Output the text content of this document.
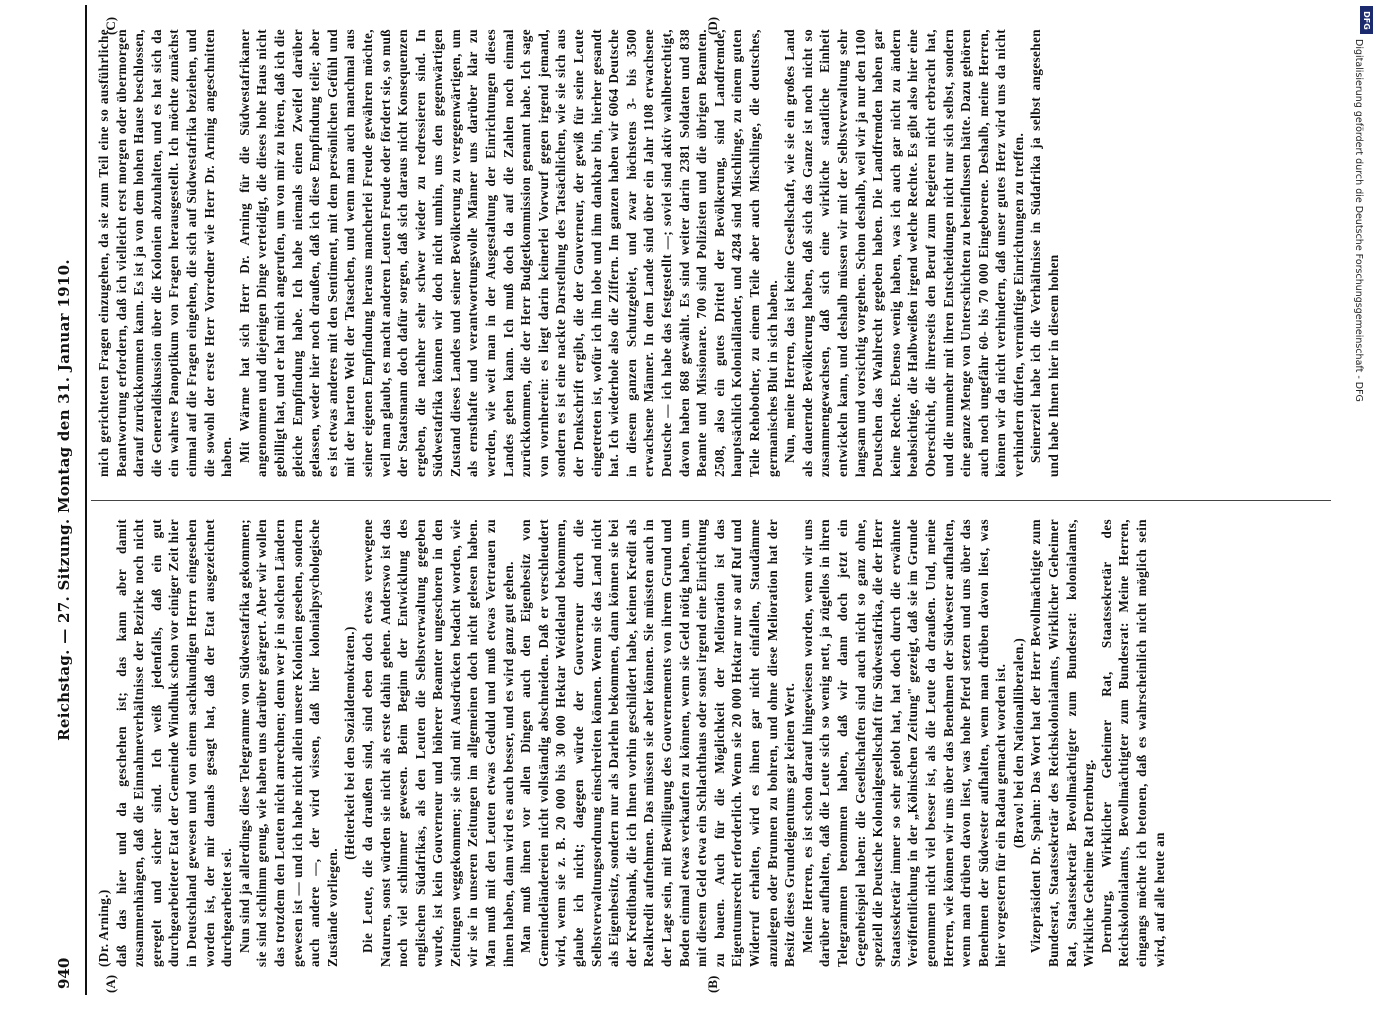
940
Reichstag. — 27. Sitzung. Montag den 31. Januar 1910.
(A)	(B)
(C)	(D)

(Dr. Arning.) daß das hier und da geschehen ist; das kann aber damit zusammenhängen, daß die Einnahmeverhältnisse der Bezirke noch nicht geregelt und sicher sind. Ich weiß jedenfalls, daß ein gut durchgearbeiteter Etat der Gemeinde Windhuk schon vor einiger Zeit hier in Deutschland gewesen und von einem sachkundigen Herrn eingesehen worden ist, der mir damals gesagt hat, daß der Etat ausgezeichnet durchgearbeitet sei. Nun sind ja allerdings diese Telegramme von Südwestafrika gekommen; sie sind schlimm genug, wie haben uns darüber geärgert. Aber wir wollen das trotzdem den Leuten nicht anrechnen; denn wer je in solchen Ländern gewesen ist — und ich habe nicht allein unsere Kolonien gesehen, sondern auch andere —, der wird wissen, daß hier kolonialpsychologische Zustände vorliegen.

(Heiterkeit bei den Sozialdemokraten.) Die Leute, die da draußen sind, sind eben doch etwas verwegene Naturen, sonst würden sie nicht als erste dahin gehen. Anderswo ist das noch viel schlimmer gewesen. Beim Beginn der Entwicklung des englischen Südafrikas, als den Leuten die Selbstverwaltung gegeben wurde, ist kein Gouverneur und höherer Beamter ungeschoren in den Zeitungen weggekommen; sie sind mit Ausdrücken bedacht worden, wie wir sie in unseren Zeitungen im allgemeinen doch nicht gelesen haben. Man muß mit den Leuten etwas Geduld und muß etwas Vertrauen zu ihnen haben, dann wird es auch besser, und es wird ganz gut gehen. Man muß ihnen vor allen Dingen auch den Eigenbesitz von Gemeindeländereien nicht vollständig abschneiden. Daß er verschleudert wird, wenn sie z. B. 20 000 bis 30 000 Hektar Weideland bekommen, glaube ich nicht; dagegen würde der Gouverneur durch die Selbstverwaltungsordnung einschreiten können. Wenn sie das Land nicht als Eigenbesitz, sondern nur als Darlehn bekommen, dann können sie bei der Kreditbank, die ich Ihnen vorhin geschildert habe, keinen Kredit als Realkredit aufnehmen. Das müssen sie aber können. Sie müssten auch in der Lage sein, mit Bewilligung des Gouvernements von ihrem Grund und Boden einmal etwas verkaufen zu können, wenn sie Geld nötig haben, um mit diesem Geld etwa ein Schlachthaus oder sonst irgend eine Einrichtung zu bauen. Auch für die Möglichkeit der Melioration ist das Eigentumsrecht erforderlich. Wenn sie 20 000 Hektar nur so auf Ruf und Widerruf erhalten, wird es ihnen gar nicht einfallen, Staudämme anzulegen oder Brunnen zu bohren, und ohne diese Melioration hat der Besitz dieses Grundeigentums gar keinen Wert. Meine Herren, es ist schon darauf hingewiesen worden, wenn wir uns darüber aufhalten, daß die Leute sich so wenig nett, ja zügellos in ihren Telegrammen benommen haben, daß wir dann doch jetzt ein Gegenbeispiel haben: die Gesellschaften sind auch nicht so ganz ohne, speziell die Deutsche Kolonialgesellschaft für Südwestafrika, die der Herr Staatssekretär immer so sehr gelobt hat, hat doch durch die erwähnte Veröffentlichung in der „Kölnischen Zeitung" gezeigt, daß sie im Grunde genommen nicht viel besser ist, als die Leute da draußen. Und, meine Herren, wie können wir uns über das Benehmen der Südwester aufhalten, wenn man drüben davon liest, was hohe Pferd setzen und uns über das Benehmen der Südwester aufhalten, wenn man drüben davon liest, was hier vorgestern für ein Radau gemacht worden ist. (Bravo! bei den Nationalliberalen.) Vizepräsident Dr. Spahn: Das Wort hat der Herr Bevollmächtigte zum Bundesrat, Staatssekretär des Reichskolonialamts, Wirklicher Geheimer Rat, Staatssekretär Bevollmächtigter zum Bundesrat: kolonialamts, Wirkliche Geheime Rat Dernburg. Dernburg, Wirklicher Geheimer Rat, Staatssekretär des Reichskolonialamts, Bevollmächtigter zum Bundesrat: Meine Herren, eingangs möchte ich betonen, daß es wahrscheinlich nicht möglich sein wird, auf alle heute an

mich gerichteten Fragen einzugehen, da sie zum Teil eine so ausführliche Beantwortung erfordern, daß ich vielleicht erst morgen oder übermorgen darauf zurückkommen kann. Es ist ja von dem hohen Hause beschlossen, die Generaldiskussion über die Kolonien abzuhalten, und es hat sich da ein wahres Panoptikum von Fragen herausgestellt. Ich möchte zunächst einmal auf die Fragen eingehen, die sich auf Südwestafrika beziehen, und die sowohl der erste Herr Vorredner wie Herr Dr. Arning angeschnitten haben. Mit Wärme hat sich Herr Dr. Arning für die Südwestafrikaner angenommen und diejenigen Dinge verteidigt, die dieses hohe Haus nicht gebilligt hat, und er hat mich angerufen, um von mir zu hören, daß ich die gleiche Empfindung habe. Ich habe niemals einen Zweifel darüber gelassen, weder hier noch draußen, daß ich diese Empfindung teile; aber es ist etwas anderes mit den Sentiment, mit dem persönlichen Gefühl und mit der harten Welt der Tatsachen, und wenn man auch manchmal aus seiner eigenen Empfindung heraus mancherlei Freude gewähren möchte, weil man glaubt, es macht anderen Leuten Freude oder fördert sie, so muß der Staatsmann doch dafür sorgen, daß sich daraus nicht Konsequenzen ergeben, die nachher sehr schwer wieder zu redressieren sind. In Südwestafrika können wir doch nicht umhin, uns den gegenwärtigen Zustand dieses Landes und seiner Bevölkerung zu vergegenwärtigen, um als ernsthafte und verantwortungsvolle Männer uns darüber klar zu werden, wie weit man in der Ausgestaltung der Einrichtungen dieses Landes gehen kann. Ich muß doch da auf die Zahlen noch einmal zurückkommen, die der Herr Budgetkommission genannt habe. Ich sage von vornherein: es liegt darin keinerlei Vorwurf gegen irgend jemand, sondern es ist eine nackte Darstellung des Tatsächlichen, wie sie sich aus der Denkschrift ergibt, die der Gouverneur, der gewiß für seine Leute eingetreten ist, wofür ich ihn lobe und ihm dankbar bin, hierher gesandt hat. Ich wiederhole also die Ziffern. Im ganzen haben wir 6064 Deutsche in diesem ganzen Schutzgebiet, und zwar höchstens 3- bis 3500 erwachsene Männer. In dem Lande sind über ein Jahr 1108 erwachsene Deutsche — ich habe das festgestellt —; soviel sind aktiv wahlberechtigt, davon haben 868 gewählt. Es sind weiter darin 2381 Soldaten und 838 Beamte und Missionare. 700 sind Polizisten und die übrigen Beamten. 2508, also ein gutes Drittel der Bevölkerung, sind Landfremde, hauptsächlich Kolonialländer, und 4284 sind Mischlinge, zu einem guten Teile Rehobother, zu einem Teile aber auch Mischlinge, die deutsches, germanisches Blut in sich haben. Nun, meine Herren, das ist keine Gesellschaft, wie sie ein großes Land als dauernde Bevölkerung haben, daß sich das Ganze ist noch nicht so zusammengewachsen, daß sich eine wirkliche staatliche Einheit entwickeln kann, und deshalb müssen wir mit der Selbstverwaltung sehr langsam und vorsichtig vorgehen. Schon deshalb, weil wir ja nur den 1100 Deutschen das Wahlrecht gegeben haben. Die Landfremden haben gar keine Rechte. Ebenso wenig haben, was ich auch gar nicht zu ändern beabsichtige, die Halbweißen irgend welche Rechte. Es gibt also hier eine Oberschicht, die ihrerseits den Beruf zum Regieren nicht erbracht hat, und die nunmehr mit ihren Entscheidungen nicht nur sich selbst, sondern eine ganze Menge von Unterschichten zu beeinflussen hätte. Dazu gehören auch noch ungefähr 60- bis 70 000 Eingeborene. Deshalb, meine Herren, können wir da nicht verhindern, daß unser gutes Herz wird uns da nicht verhindern dürfen, vernünftige Einrichtungen zu treffen. Seinerzeit habe ich die Verhältnisse in Südafrika ja selbst angesehen und habe Ihnen hier in diesem hohen

DFG
Digitalisierung gefördert durch die Deutsche Forschungsgemeinschaft - DFG
